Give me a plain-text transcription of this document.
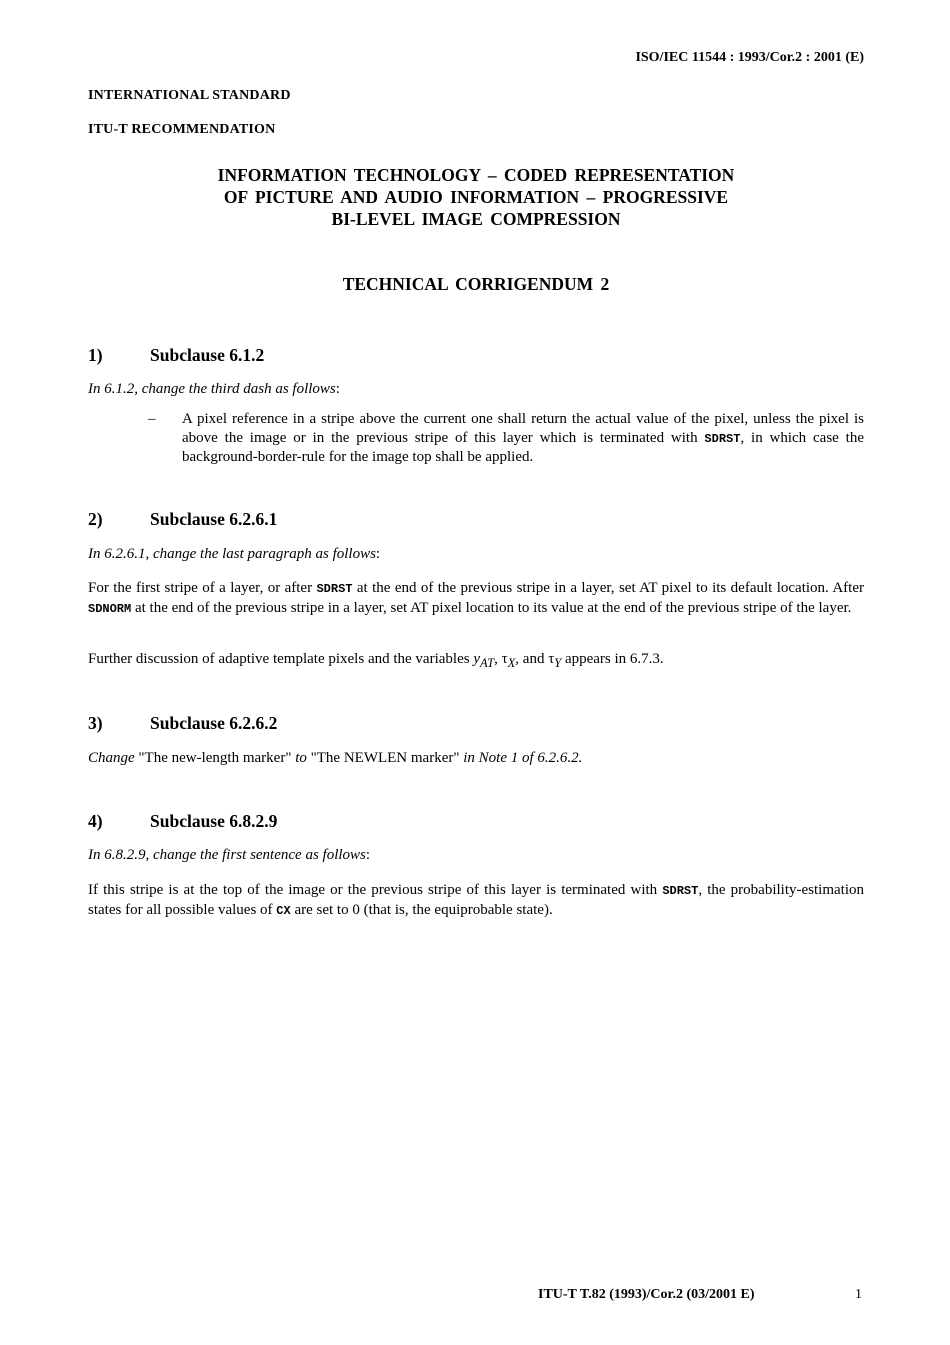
ISO/IEC 11544 : 1993/Cor.2 : 2001 (E)
INTERNATIONAL STANDARD
ITU-T RECOMMENDATION
INFORMATION TECHNOLOGY – CODED REPRESENTATION
OF PICTURE AND AUDIO INFORMATION – PROGRESSIVE
BI-LEVEL IMAGE COMPRESSION
TECHNICAL CORRIGENDUM 2
1)	Subclause 6.1.2
In 6.1.2, change the third dash as follows:
– A pixel reference in a stripe above the current one shall return the actual value of the pixel, unless the pixel is above the image or in the previous stripe of this layer which is terminated with SDRST, in which case the background-border-rule for the image top shall be applied.
2)	Subclause 6.2.6.1
In 6.2.6.1, change the last paragraph as follows:
For the first stripe of a layer, or after SDRST at the end of the previous stripe in a layer, set AT pixel to its default location. After SDNORM at the end of the previous stripe in a layer, set AT pixel location to its value at the end of the previous stripe of the layer.
Further discussion of adaptive template pixels and the variables $y_{AT}$, $\tau_X$, and $\tau_Y$ appears in 6.7.3.
3)	Subclause 6.2.6.2
Change "The new-length marker" to "The NEWLEN marker" in Note 1 of 6.2.6.2.
4)	Subclause 6.8.2.9
In 6.8.2.9, change the first sentence as follows:
If this stripe is at the top of the image or the previous stripe of this layer is terminated with SDRST, the probability-estimation states for all possible values of CX are set to 0 (that is, the equiprobable state).
ITU-T T.82 (1993)/Cor.2 (03/2001 E)	1
